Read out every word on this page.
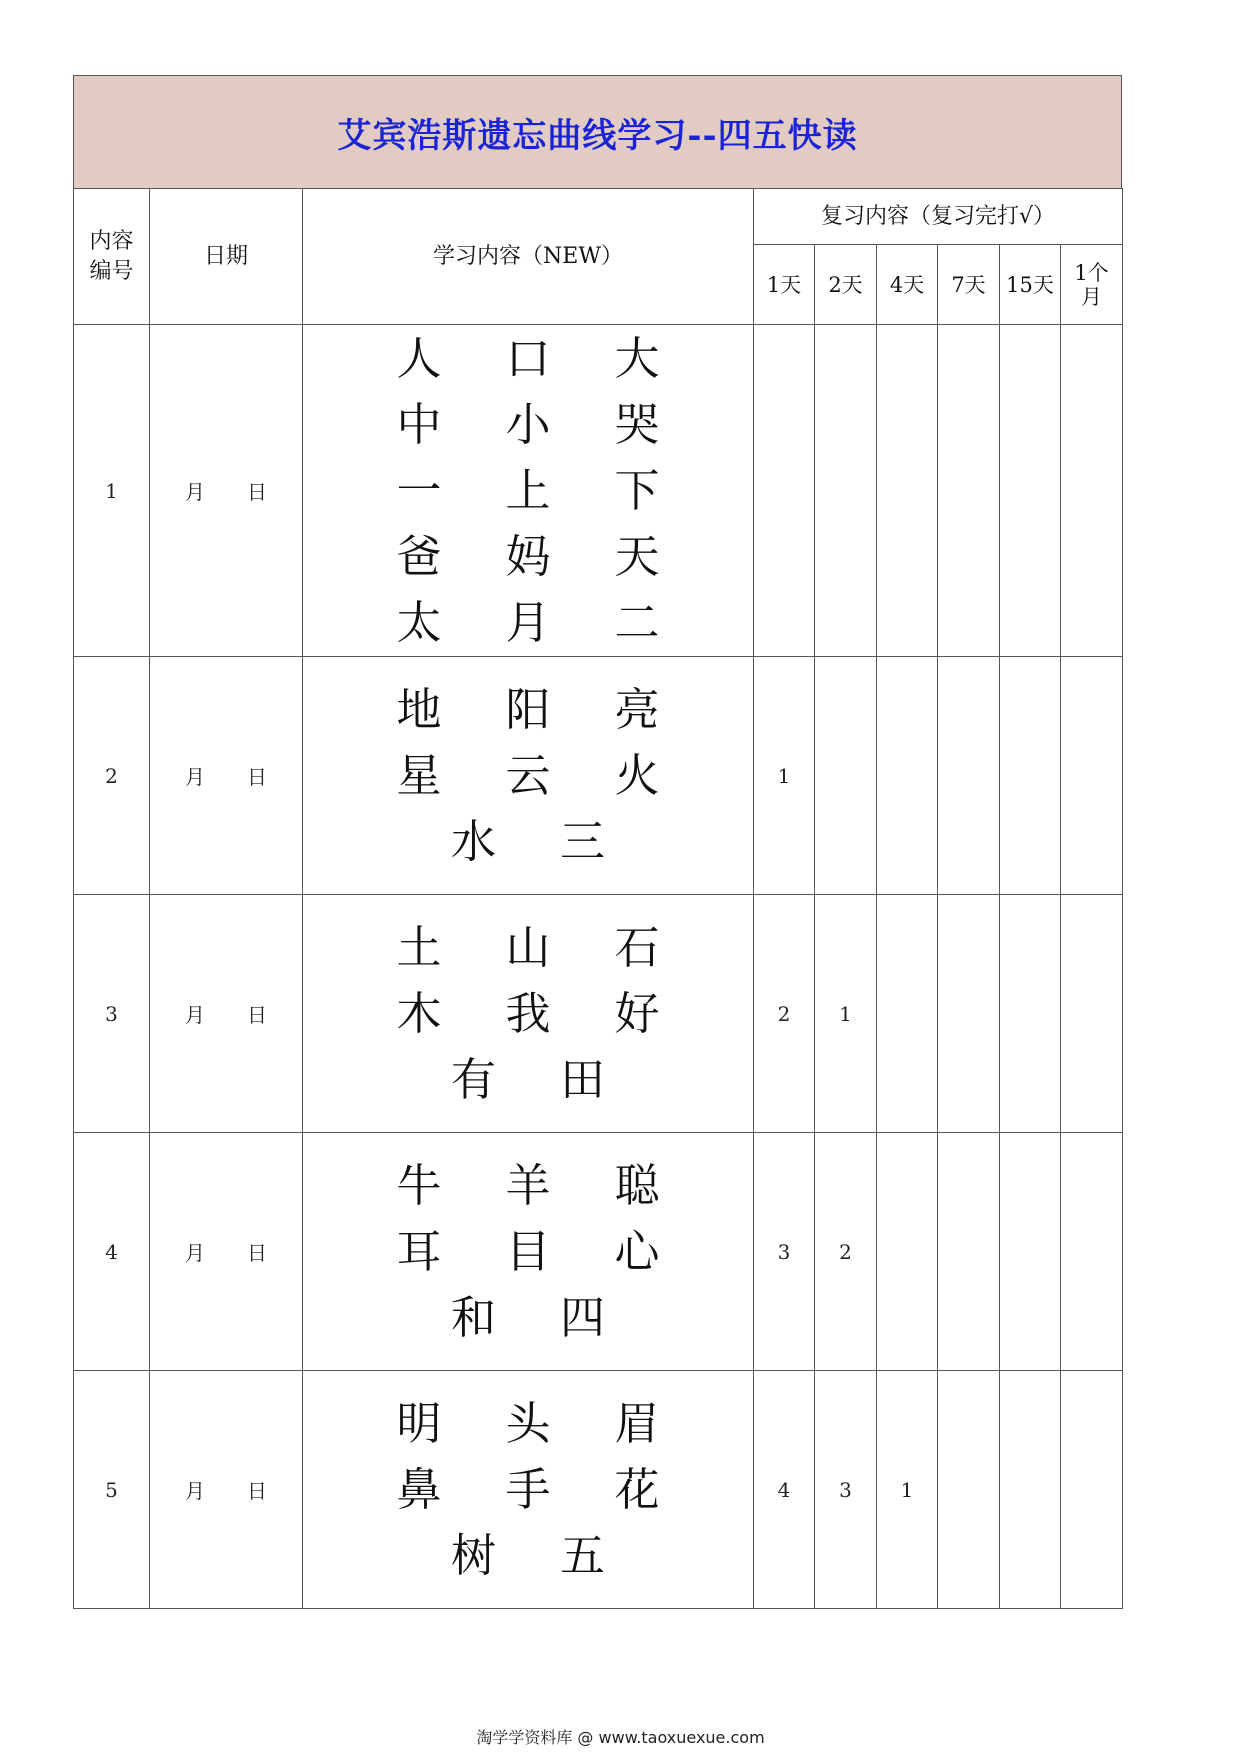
艾宾浩斯遗忘曲线学习--四五快读
内容编号	日期	学习内容（NEW）	复习内容（复习完打√）					
			1天	2天	4天	7天	15天	1个月

1	月 日	人 口 大
中 小 哭
一 上 下
爸 妈 天
太 月 二						

2	月 日	地 阳 亮
星 云 火
水 三	1					
3	月 日	土 山 石
木 我 好
有 田	2	1				
4	月 日	牛 羊 聪
耳 目 心
和 四	3	2				
5	月 日	明 头 眉
鼻 手 花
树 五	4	3	1			
淘学学资料库 @ www.taoxuexue.com
